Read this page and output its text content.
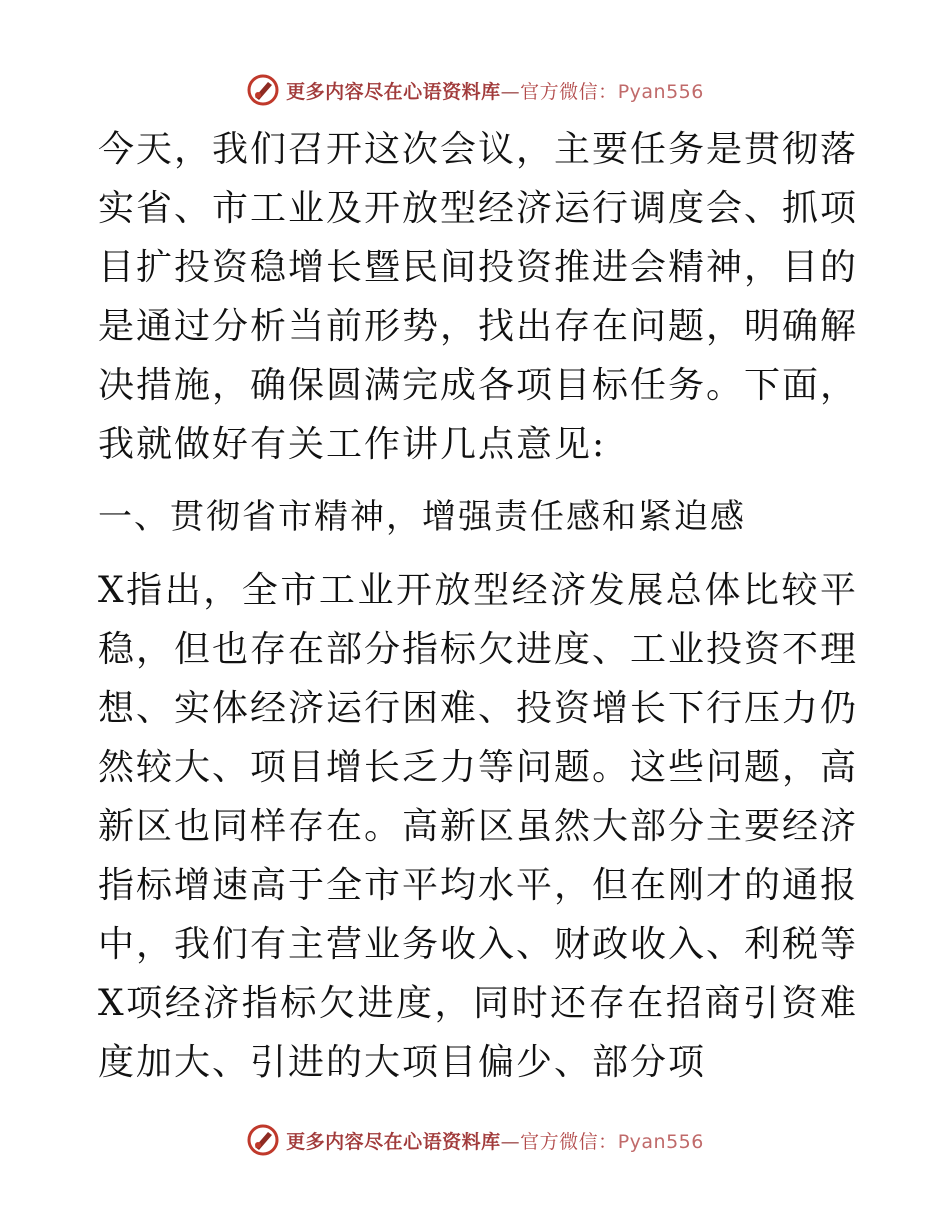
更多内容尽在心语资料库—官方微信：Pyan556

今天，我们召开这次会议，主要任务是贯彻落实省、市工业及开放型经济运行调度会、抓项目扩投资稳增长暨民间投资推进会精神，目的是通过分析当前形势，找出存在问题，明确解决措施，确保圆满完成各项目标任务。下面，我就做好有关工作讲几点意见:

一、贯彻省市精神，增强责任感和紧迫感

X指出，全市工业开放型经济发展总体比较平稳，但也存在部分指标欠进度、工业投资不理想、实体经济运行困难、投资增长下行压力仍然较大、项目增长乏力等问题。这些问题，高新区也同样存在。高新区虽然大部分主要经济指标增速高于全市平均水平，但在刚才的通报中，我们有主营业务收入、财政收入、利税等X项经济指标欠进度，同时还存在招商引资难度加大、引进的大项目偏少、部分项

更多内容尽在心语资料库—官方微信：Pyan556
